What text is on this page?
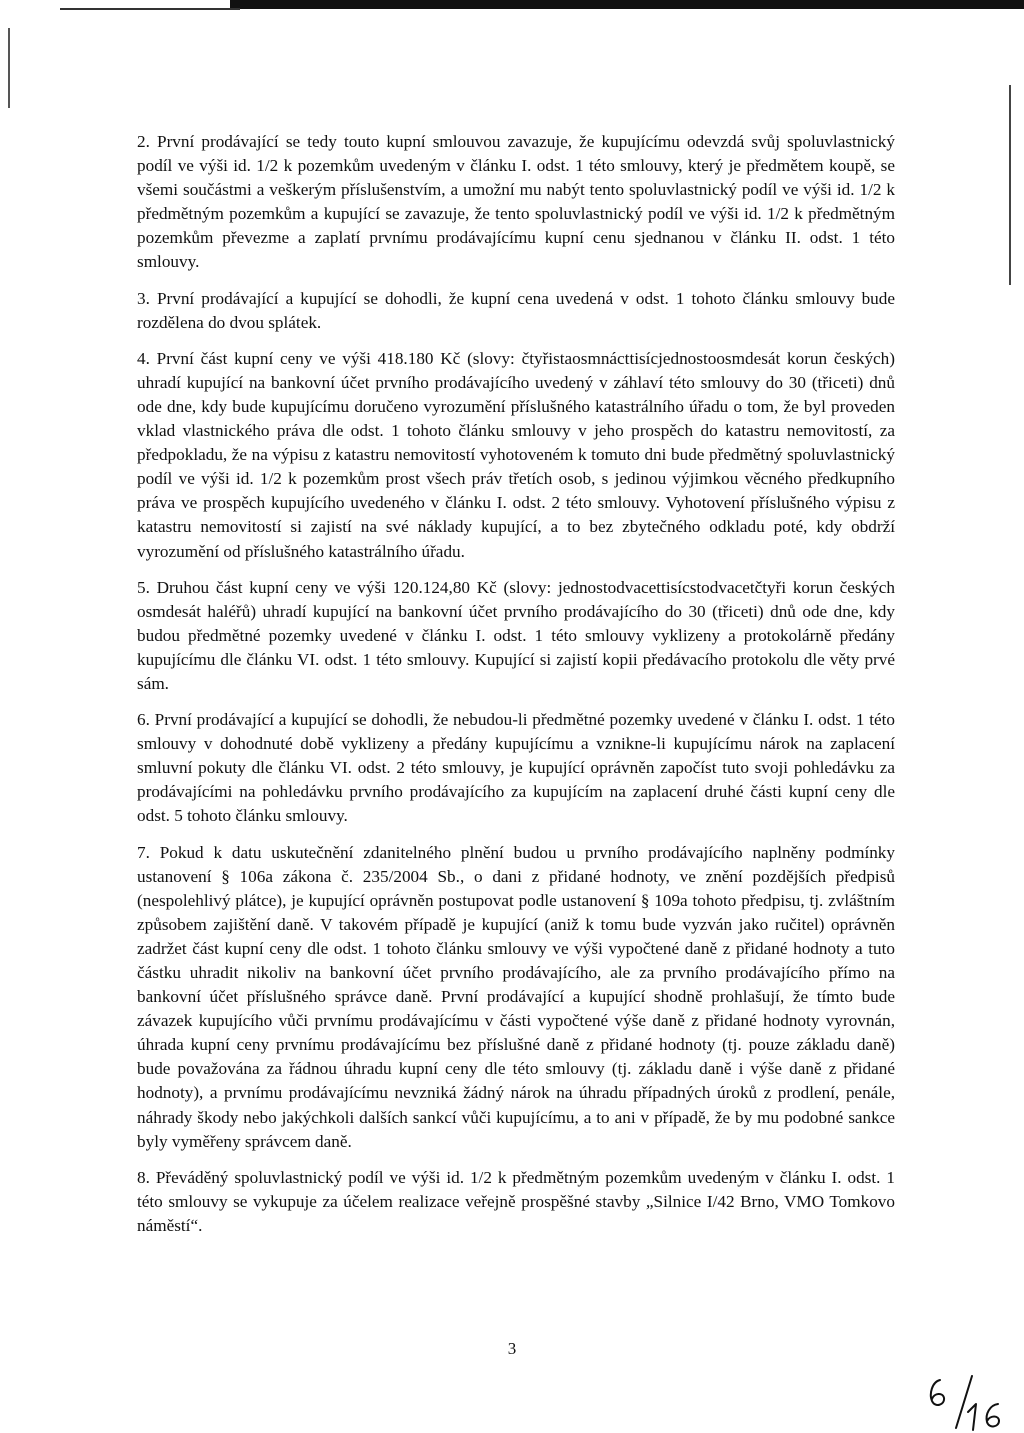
2. První prodávající se tedy touto kupní smlouvou zavazuje, že kupujícímu odevzdá svůj spoluvlastnický podíl ve výši id. 1/2 k pozemkům uvedeným v článku I. odst. 1 této smlouvy, který je předmětem koupě, se všemi součástmi a veškerým příslušenstvím, a umožní mu nabýt tento spoluvlastnický podíl ve výši id. 1/2 k předmětným pozemkům a kupující se zavazuje, že tento spoluvlastnický podíl ve výši id. 1/2 k předmětným pozemkům převezme a zaplatí prvnímu prodávajícímu kupní cenu sjednanou v článku II. odst. 1 této smlouvy.

3. První prodávající a kupující se dohodli, že kupní cena uvedená v odst. 1 tohoto článku smlouvy bude rozdělena do dvou splátek.

4. První část kupní ceny ve výši 418.180 Kč (slovy: čtyřistaosmnácttisícjednostoosmdesát korun českých) uhradí kupující na bankovní účet prvního prodávajícího uvedený v záhlaví této smlouvy do 30 (třiceti) dnů ode dne, kdy bude kupujícímu doručeno vyrozumění příslušného katastrálního úřadu o tom, že byl proveden vklad vlastnického práva dle odst. 1 tohoto článku smlouvy v jeho prospěch do katastru nemovitostí, za předpokladu, že na výpisu z katastru nemovitostí vyhotoveném k tomuto dni bude předmětný spoluvlastnický podíl ve výši id. 1/2 k pozemkům prost všech práv třetích osob, s jedinou výjimkou věcného předkupního práva ve prospěch kupujícího uvedeného v článku I. odst. 2 této smlouvy. Vyhotovení příslušného výpisu z katastru nemovitostí si zajistí na své náklady kupující, a to bez zbytečného odkladu poté, kdy obdrží vyrozumění od příslušného katastrálního úřadu.

5. Druhou část kupní ceny ve výši 120.124,80 Kč (slovy: jednostodvacettisícstodvacetčtyři korun českých osmdesát haléřů) uhradí kupující na bankovní účet prvního prodávajícího do 30 (třiceti) dnů ode dne, kdy budou předmětné pozemky uvedené v článku I. odst. 1 této smlouvy vyklizeny a protokolárně předány kupujícímu dle článku VI. odst. 1 této smlouvy. Kupující si zajistí kopii předávacího protokolu dle věty prvé sám.

6. První prodávající a kupující se dohodli, že nebudou-li předmětné pozemky uvedené v článku I. odst. 1 této smlouvy v dohodnuté době vyklizeny a předány kupujícímu a vznikne-li kupujícímu nárok na zaplacení smluvní pokuty dle článku VI. odst. 2 této smlouvy, je kupující oprávněn započíst tuto svoji pohledávku za prodávajícími na pohledávku prvního prodávajícího za kupujícím na zaplacení druhé části kupní ceny dle odst. 5 tohoto článku smlouvy.

7. Pokud k datu uskutečnění zdanitelného plnění budou u prvního prodávajícího naplněny podmínky ustanovení § 106a zákona č. 235/2004 Sb., o dani z přidané hodnoty, ve znění pozdějších předpisů (nespolehlivý plátce), je kupující oprávněn postupovat podle ustanovení § 109a tohoto předpisu, tj. zvláštním způsobem zajištění daně. V takovém případě je kupující (aniž k tomu bude vyzván jako ručitel) oprávněn zadržet část kupní ceny dle odst. 1 tohoto článku smlouvy ve výši vypočtené daně z přidané hodnoty a tuto částku uhradit nikoliv na bankovní účet prvního prodávajícího, ale za prvního prodávajícího přímo na bankovní účet příslušného správce daně. První prodávající a kupující shodně prohlašují, že tímto bude závazek kupujícího vůči prvnímu prodávajícímu v části vypočtené výše daně z přidané hodnoty vyrovnán, úhrada kupní ceny prvnímu prodávajícímu bez příslušné daně z přidané hodnoty (tj. pouze základu daně) bude považována za řádnou úhradu kupní ceny dle této smlouvy (tj. základu daně i výše daně z přidané hodnoty), a prvnímu prodávajícímu nevzniká žádný nárok na úhradu případných úroků z prodlení, penále, náhrady škody nebo jakýchkoli dalších sankcí vůči kupujícímu, a to ani v případě, že by mu podobné sankce byly vyměřeny správcem daně.

8. Převáděný spoluvlastnický podíl ve výši id. 1/2 k předmětným pozemkům uvedeným v článku I. odst. 1 této smlouvy se vykupuje za účelem realizace veřejně prospěšné stavby „Silnice I/42 Brno, VMO Tomkovo náměstí“.

3
